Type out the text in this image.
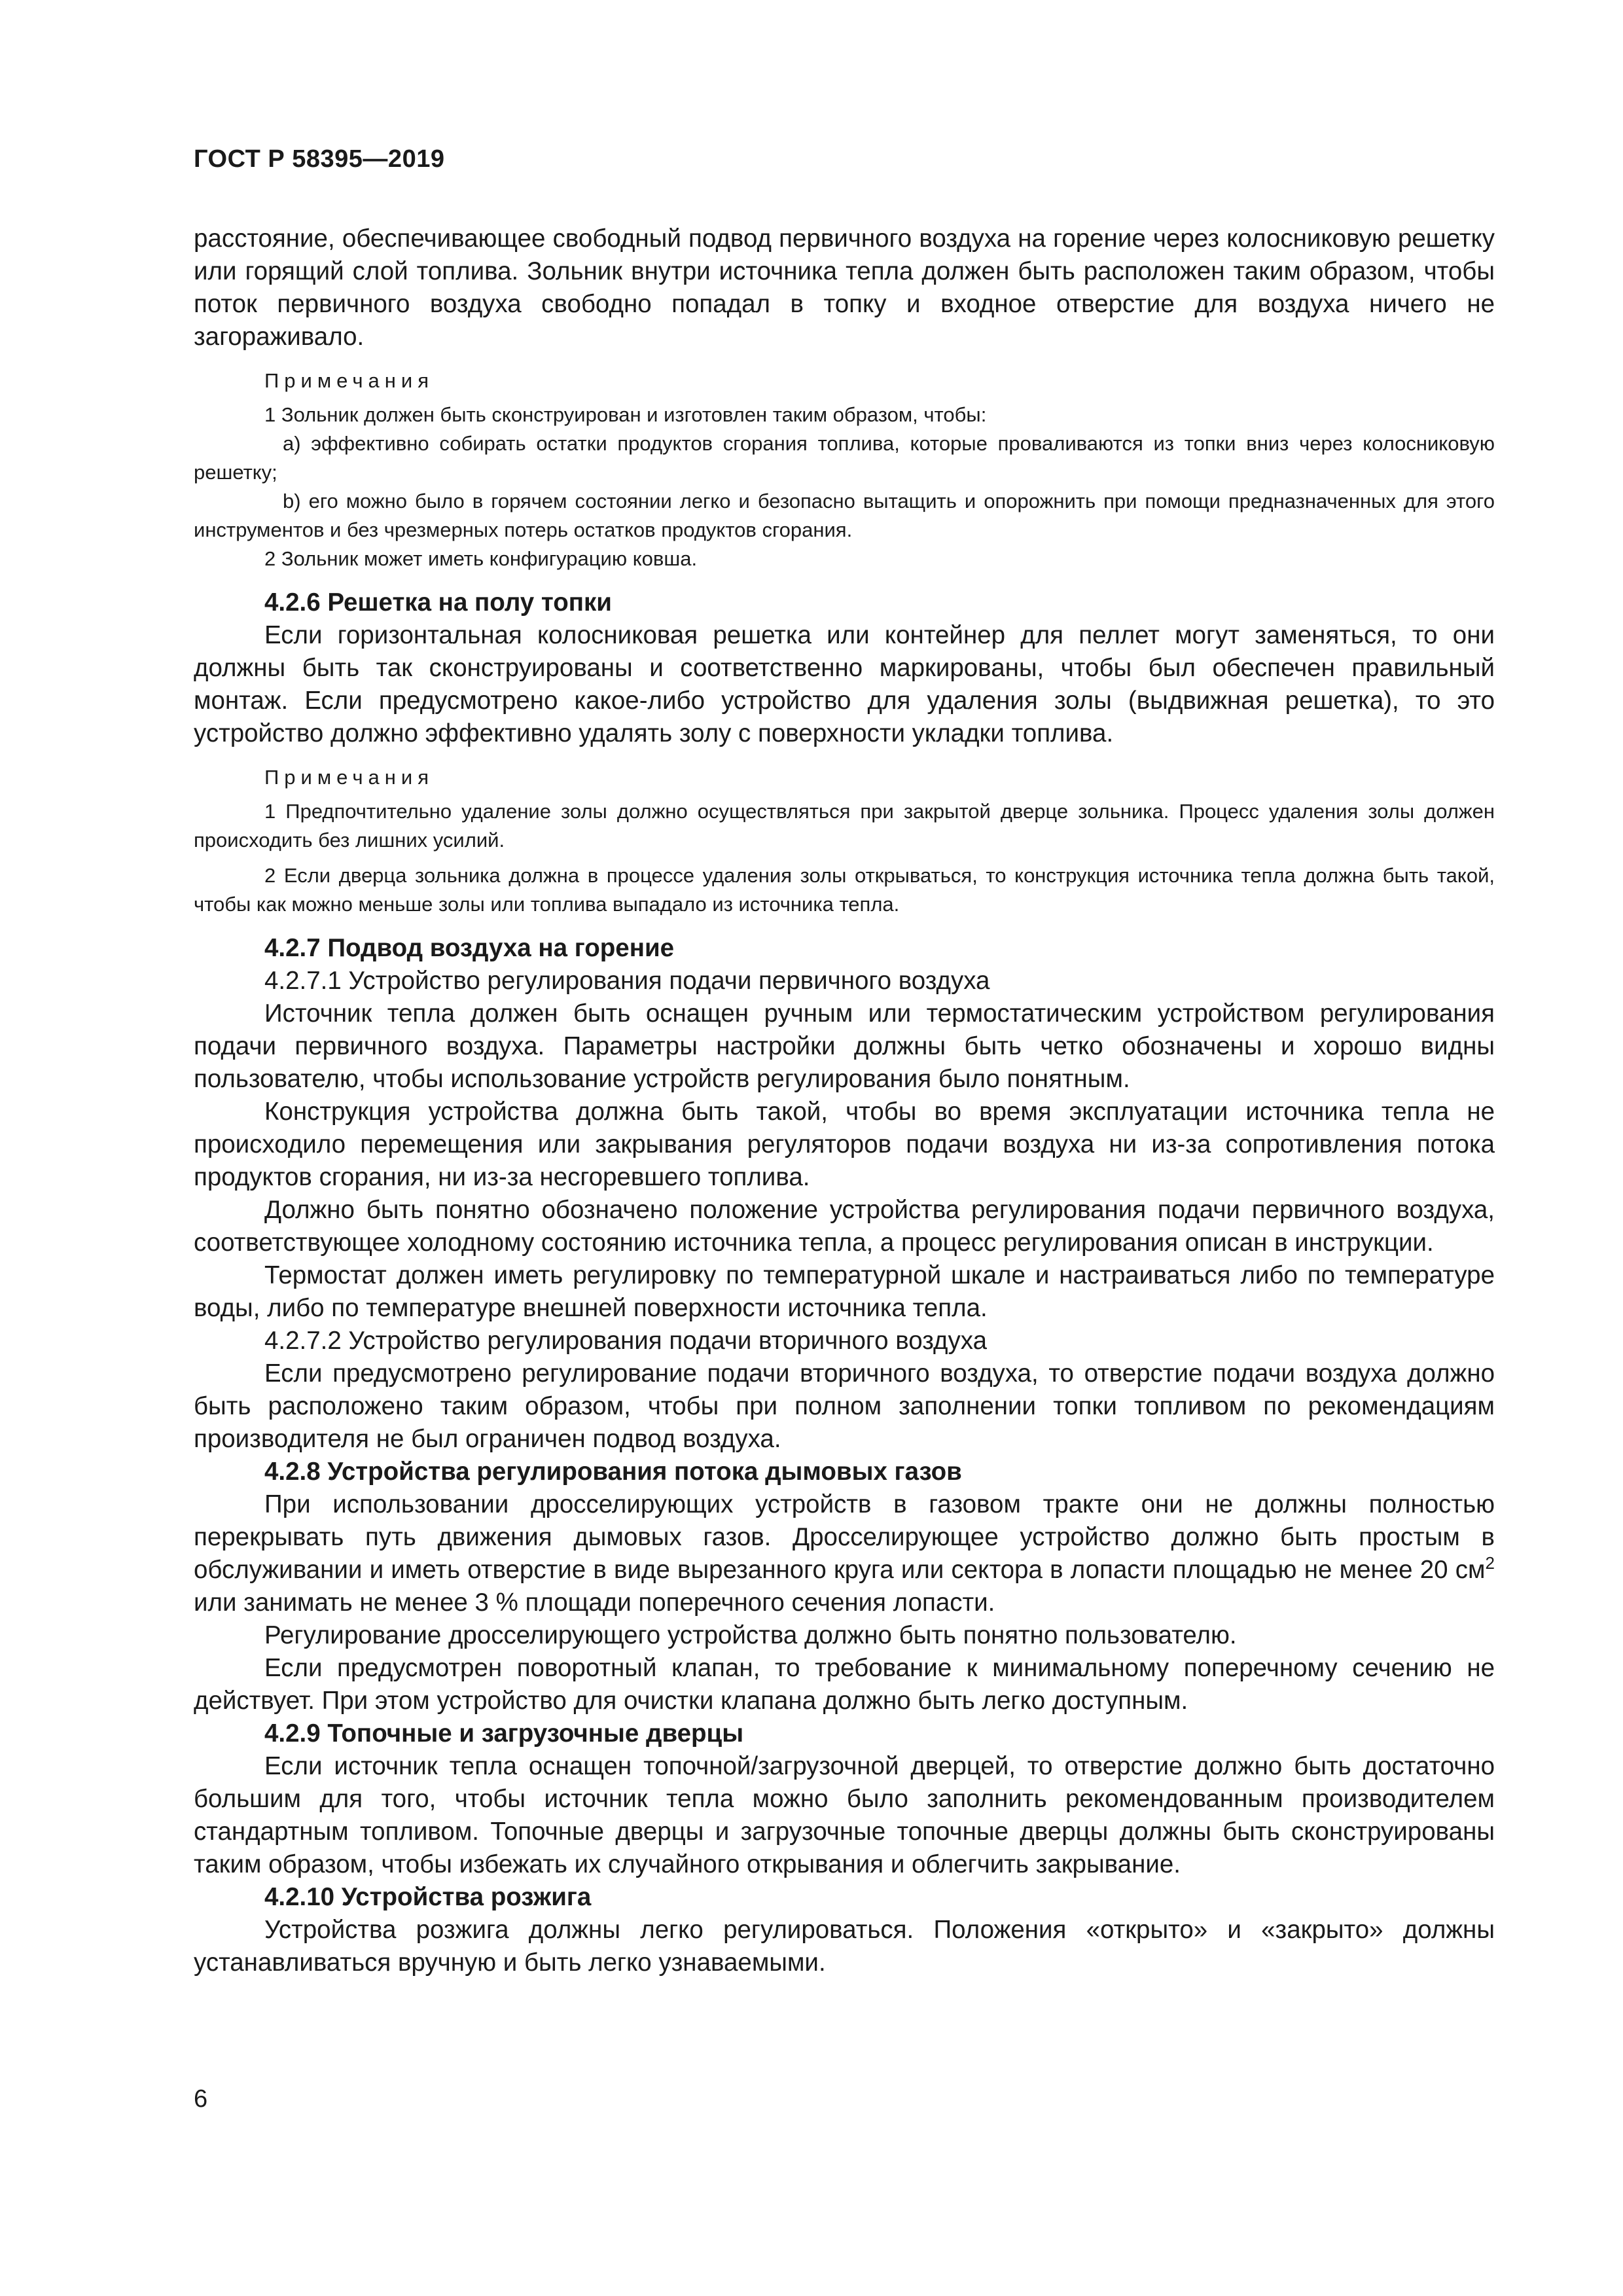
ГОСТ Р 58395—2019

расстояние, обеспечивающее свободный подвод первичного воздуха на горение через колосниковую решетку или горящий слой топлива. Зольник внутри источника тепла должен быть расположен таким образом, чтобы поток первичного воздуха свободно попадал в топку и входное отверстие для воздуха ничего не загораживало.

Примечания

1 Зольник должен быть сконструирован и изготовлен таким образом, чтобы:

a) эффективно собирать остатки продуктов сгорания топлива, которые проваливаются из топки вниз через колосниковую решетку;

b) его можно было в горячем состоянии легко и безопасно вытащить и опорожнить при помощи предназначенных для этого инструментов и без чрезмерных потерь остатков продуктов сгорания.

2 Зольник может иметь конфигурацию ковша.

4.2.6 Решетка на полу топки

Если горизонтальная колосниковая решетка или контейнер для пеллет могут заменяться, то они должны быть так сконструированы и соответственно маркированы, чтобы был обеспечен правильный монтаж. Если предусмотрено какое-либо устройство для удаления золы (выдвижная решетка), то это устройство должно эффективно удалять золу с поверхности укладки топлива.

Примечания

1 Предпочтительно удаление золы должно осуществляться при закрытой дверце зольника. Процесс удаления золы должен происходить без лишних усилий.

2 Если дверца зольника должна в процессе удаления золы открываться, то конструкция источника тепла должна быть такой, чтобы как можно меньше золы или топлива выпадало из источника тепла.

4.2.7 Подвод воздуха на горение

4.2.7.1 Устройство регулирования подачи первичного воздуха

Источник тепла должен быть оснащен ручным или термостатическим устройством регулирования подачи первичного воздуха. Параметры настройки должны быть четко обозначены и хорошо видны пользователю, чтобы использование устройств регулирования было понятным.

Конструкция устройства должна быть такой, чтобы во время эксплуатации источника тепла не происходило перемещения или закрывания регуляторов подачи воздуха ни из-за сопротивления потока продуктов сгорания, ни из-за несгоревшего топлива.

Должно быть понятно обозначено положение устройства регулирования подачи первичного воздуха, соответствующее холодному состоянию источника тепла, а процесс регулирования описан в инструкции.

Термостат должен иметь регулировку по температурной шкале и настраиваться либо по температуре воды, либо по температуре внешней поверхности источника тепла.

4.2.7.2 Устройство регулирования подачи вторичного воздуха

Если предусмотрено регулирование подачи вторичного воздуха, то отверстие подачи воздуха должно быть расположено таким образом, чтобы при полном заполнении топки топливом по рекомендациям производителя не был ограничен подвод воздуха.

4.2.8 Устройства регулирования потока дымовых газов

При использовании дросселирующих устройств в газовом тракте они не должны полностью перекрывать путь движения дымовых газов. Дросселирующее устройство должно быть простым в обслуживании и иметь отверстие в виде вырезанного круга или сектора в лопасти площадью не менее 20 $см^2$ или занимать не менее 3 % площади поперечного сечения лопасти.

Регулирование дросселирующего устройства должно быть понятно пользователю.

Если предусмотрен поворотный клапан, то требование к минимальному поперечному сечению не действует. При этом устройство для очистки клапана должно быть легко доступным.

4.2.9 Топочные и загрузочные дверцы

Если источник тепла оснащен топочной/загрузочной дверцей, то отверстие должно быть достаточно большим для того, чтобы источник тепла можно было заполнить рекомендованным производителем стандартным топливом. Топочные дверцы и загрузочные топочные дверцы должны быть сконструированы таким образом, чтобы избежать их случайного открывания и облегчить закрывание.

4.2.10 Устройства розжига

Устройства розжига должны легко регулироваться. Положения «открыто» и «закрыто» должны устанавливаться вручную и быть легко узнаваемыми.

6
